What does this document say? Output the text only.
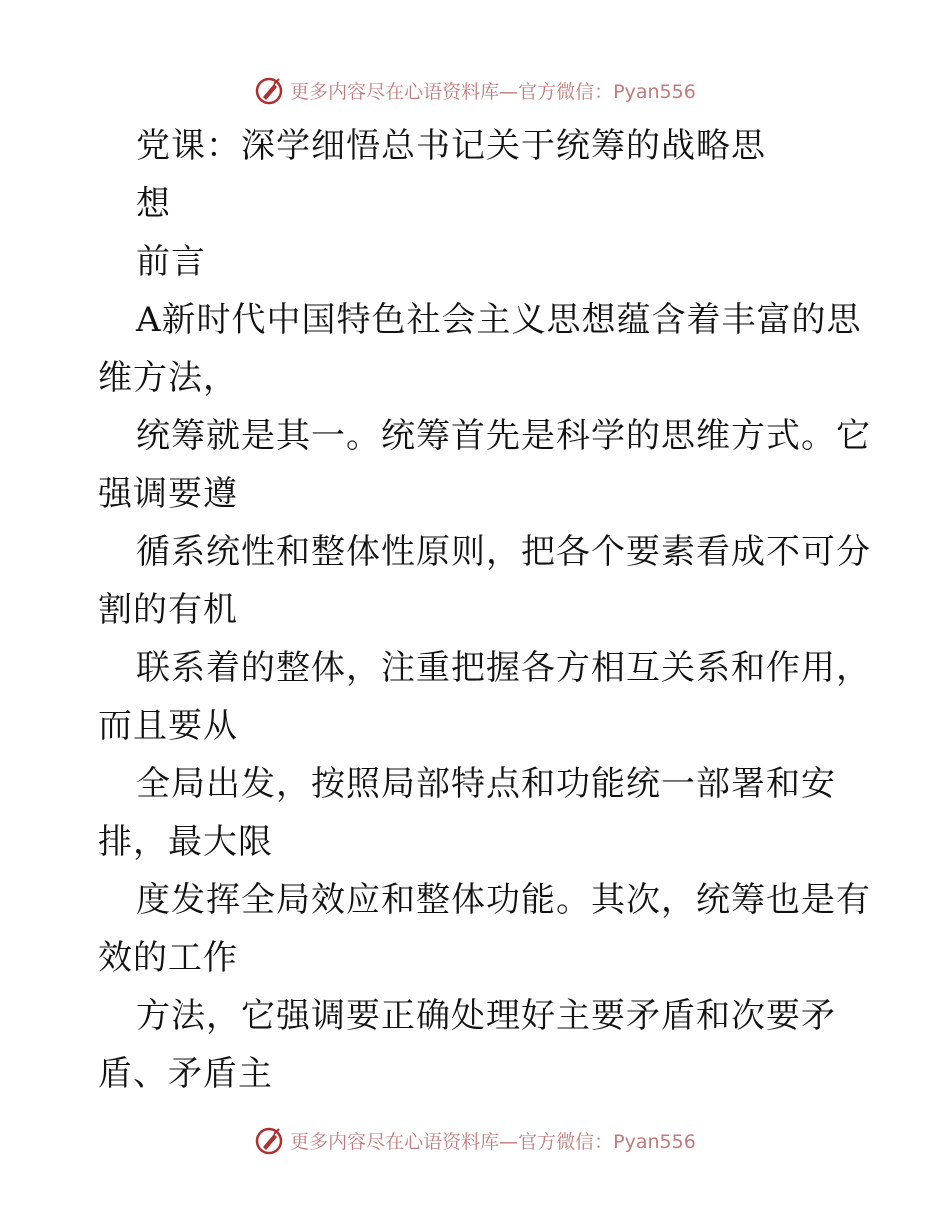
更多内容尽在心语资料库—官方微信：Pyan556
党课：深学细悟总书记关于统筹的战略思
想
前言
A新时代中国特色社会主义思想蕴含着丰富的思
维方法，
统筹就是其一。统筹首先是科学的思维方式。它
强调要遵
循系统性和整体性原则，把各个要素看成不可分
割的有机
联系着的整体，注重把握各方相互关系和作用，
而且要从
全局出发，按照局部特点和功能统一部署和安
排，最大限
度发挥全局效应和整体功能。其次，统筹也是有
效的工作
方法，它强调要正确处理好主要矛盾和次要矛
盾、矛盾主
更多内容尽在心语资料库—官方微信：Pyan556
